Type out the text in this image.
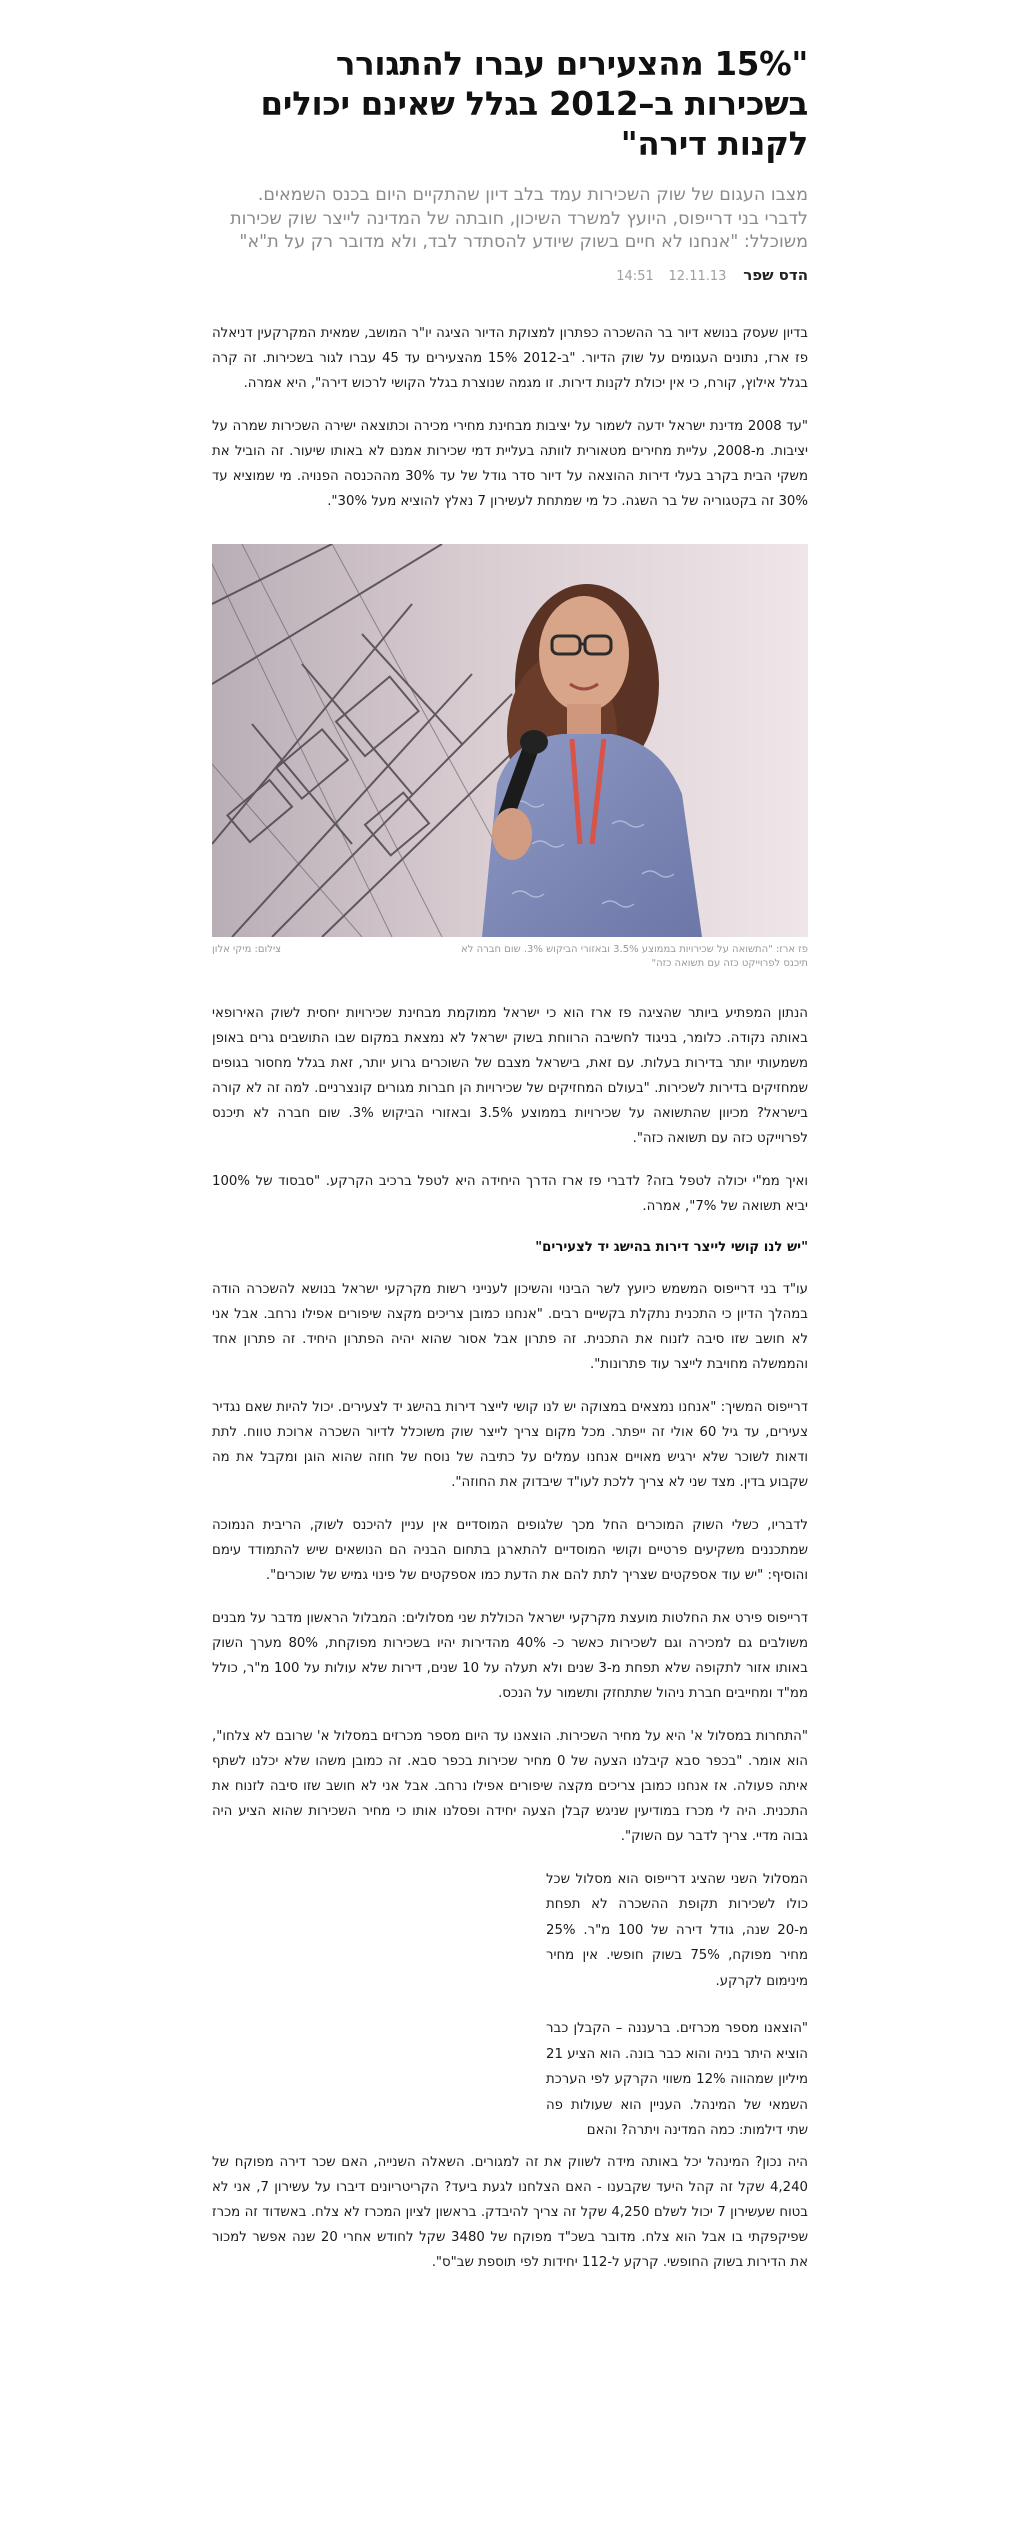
"15% מהצעירים עברו להתגורר בשכירות ב–2012 בגלל שאינם יכולים לקנות דירה"

מצבו העגום של שוק השכירות עמד בלב דיון שהתקיים היום בכנס השמאים. לדברי בני דרייפוס, היועץ למשרד השיכון, חובתה של המדינה לייצר שוק שכירות משוכלל: "אנחנו לא חיים בשוק שיודע להסתדר לבד, ולא מדובר רק על ת"א"

הדס שפר 12.11.13 14:51

בדיון שעסק בנושא דיור בר ההשכרה כפתרון למצוקת הדיור הציגה יו"ר המושב, שמאית המקרקעין דניאלה פז ארז, נתונים העגומים על שוק הדיור. "ב-2012 15% מהצעירים עד 45 עברו לגור בשכירות. זה קרה בגלל אילוץ, קורח, כי אין יכולת לקנות דירות. זו מגמה שנוצרת בגלל הקושי לרכוש דירה", היא אמרה.

"עד 2008 מדינת ישראל ידעה לשמור על יציבות מבחינת מחירי מכירה וכתוצאה ישירה השכירות שמרה על יציבות. מ-2008, עליית מחירים מטאורית לוותה בעליית דמי שכירות אמנם לא באותו שיעור. זה הוביל את משקי הבית בקרב בעלי דירות ההוצאה על דיור סדר גודל של עד 30% מההכנסה הפנויה. מי שמוציא עד 30% זה בקטגוריה של בר השגה. כל מי שמתחת לעשירון 7 נאלץ להוציא מעל 30%".

צילום: מיקי אלון	פז ארז: "התשואה על שכירויות בממוצע 3.5% ובאזורי הביקוש 3%. שום חברה לא תיכנס לפרוייקט כזה עם תשואה כזה"

הנתון המפתיע ביותר שהציגה פז ארז הוא כי ישראל ממוקמת מבחינת שכירויות יחסית לשוק האירופאי באותה נקודה. כלומר, בניגוד לחשיבה הרווחת בשוק ישראל לא נמצאת במקום שבו התושבים גרים באופן משמעותי יותר בדירות בעלות. עם זאת, בישראל מצבם של השוכרים גרוע יותר, זאת בגלל מחסור בגופים שמחזיקים בדירות לשכירות. "בעולם המחזיקים של שכירויות הן חברות מגורים קונצרניים. למה זה לא קורה בישראל? מכיוון שהתשואה על שכירויות בממוצע 3.5% ובאזורי הביקוש 3%. שום חברה לא תיכנס לפרוייקט כזה עם תשואה כזה".

ואיך ממ"י יכולה לטפל בזה? לדברי פז ארז הדרך היחידה היא לטפל ברכיב הקרקע. "סבסוד של 100% יביא תשואה של 7%", אמרה.

"יש לנו קושי לייצר דירות בהישג יד לצעירים"

עו"ד בני דרייפוס המשמש כיועץ לשר הבינוי והשיכון לענייני רשות מקרקעי ישראל בנושא להשכרה הודה במהלך הדיון כי התכנית נתקלת בקשיים רבים. "אנחנו כמובן צריכים מקצה שיפורים אפילו נרחב. אבל אני לא חושב שזו סיבה לזנוח את התכנית. זה פתרון אבל אסור שהוא יהיה הפתרון היחיד. זה פתרון אחד והממשלה מחויבת לייצר עוד פתרונות".

דרייפוס המשיך: "אנחנו נמצאים במצוקה יש לנו קושי לייצר דירות בהישג יד לצעירים. יכול להיות שאם נגדיר צעירים, עד גיל 60 אולי זה ייפתר. מכל מקום צריך לייצר שוק משוכלל לדיור השכרה ארוכת טווח. לתת ודאות לשוכר שלא ירגיש מאויים אנחנו עמלים על כתיבה של נוסח של חוזה שהוא הוגן ומקבל את מה שקבוע בדין. מצד שני לא צריך ללכת לעו"ד שיבדוק את החוזה".

לדבריו, כשלי השוק המוכרים החל מכך שלגופים המוסדיים אין עניין להיכנס לשוק, הריבית הנמוכה שמתכננים משקיעים פרטיים וקושי המוסדיים להתארגן בתחום הבניה הם הנושאים שיש להתמודד עימם והוסיף: "יש עוד אספקטים שצריך לתת להם את הדעת כמו אספקטים של פינוי גמיש של שוכרים".

דרייפוס פירט את החלטות מועצת מקרקעי ישראל הכוללת שני מסלולים: המבלול הראשון מדבר על מבנים משולבים גם למכירה וגם לשכירות כאשר כ- 40% מהדירות יהיו בשכירות מפוקחת, 80% מערך השוק באותו אזור לתקופה שלא תפחת מ-3 שנים ולא תעלה על 10 שנים, דירות שלא עולות על 100 מ"ר, כולל ממ"ד ומחייבים חברת ניהול שתתחזק ותשמור על הנכס.

"התחרות במסלול א' היא על מחיר השכירות. הוצאנו עד היום מספר מכרזים במסלול א' שרובם לא צלחו", הוא אומר. "בכפר סבא קיבלנו הצעה של 0 מחיר שכירות בכפר סבא. זה כמובן משהו שלא יכלנו לשתף איתה פעולה. אז אנחנו כמובן צריכים מקצה שיפורים אפילו נרחב. אבל אני לא חושב שזו סיבה לזנוח את התכנית. היה לי מכרז במודיעין שניגש קבלן הצעה יחידה ופסלנו אותו כי מחיר השכירות שהוא הציע היה גבוה מדיי. צריך לדבר עם השוק".

המסלול השני שהציג דרייפוס הוא מסלול שכל כולו לשכירות תקופת ההשכרה לא תפחת מ-20 שנה, גודל דירה של 100 מ"ר. 25% מחיר מפוקח, 75% בשוק חופשי. אין מחיר מינימום לקרקע.

"הוצאנו מספר מכרזים. ברעננה – הקבלן כבר הוציא היתר בניה והוא כבר בונה. הוא הציע 21 מיליון שמהווה 12% משווי הקרקע לפי הערכת השמאי של המינהל. העניין הוא שעולות פה שתי דילמות: כמה המדינה ויתרה? והאם

היה נכון? המינהל יכל באותה מידה לשווק את זה למגורים. השאלה השנייה, האם שכר דירה מפוקח של 4,240 שקל זה קהל היעד שקבענו - האם הצלחנו לגעת ביעד? הקריטריונים דיברו על עשירון 7, אני לא בטוח שעשירון 7 יכול לשלם 4,250 שקל זה צריך להיבדק. בראשון לציון המכרז לא צלח. באשדוד זה מכרז שפיקפקתי בו אבל הוא צלח. מדובר בשכ"ד מפוקח של 3480 שקל לחודש אחרי 20 שנה אפשר למכור את הדירות בשוק החופשי. קרקע ל-112 יחידות לפי תוספת שב"ס".
